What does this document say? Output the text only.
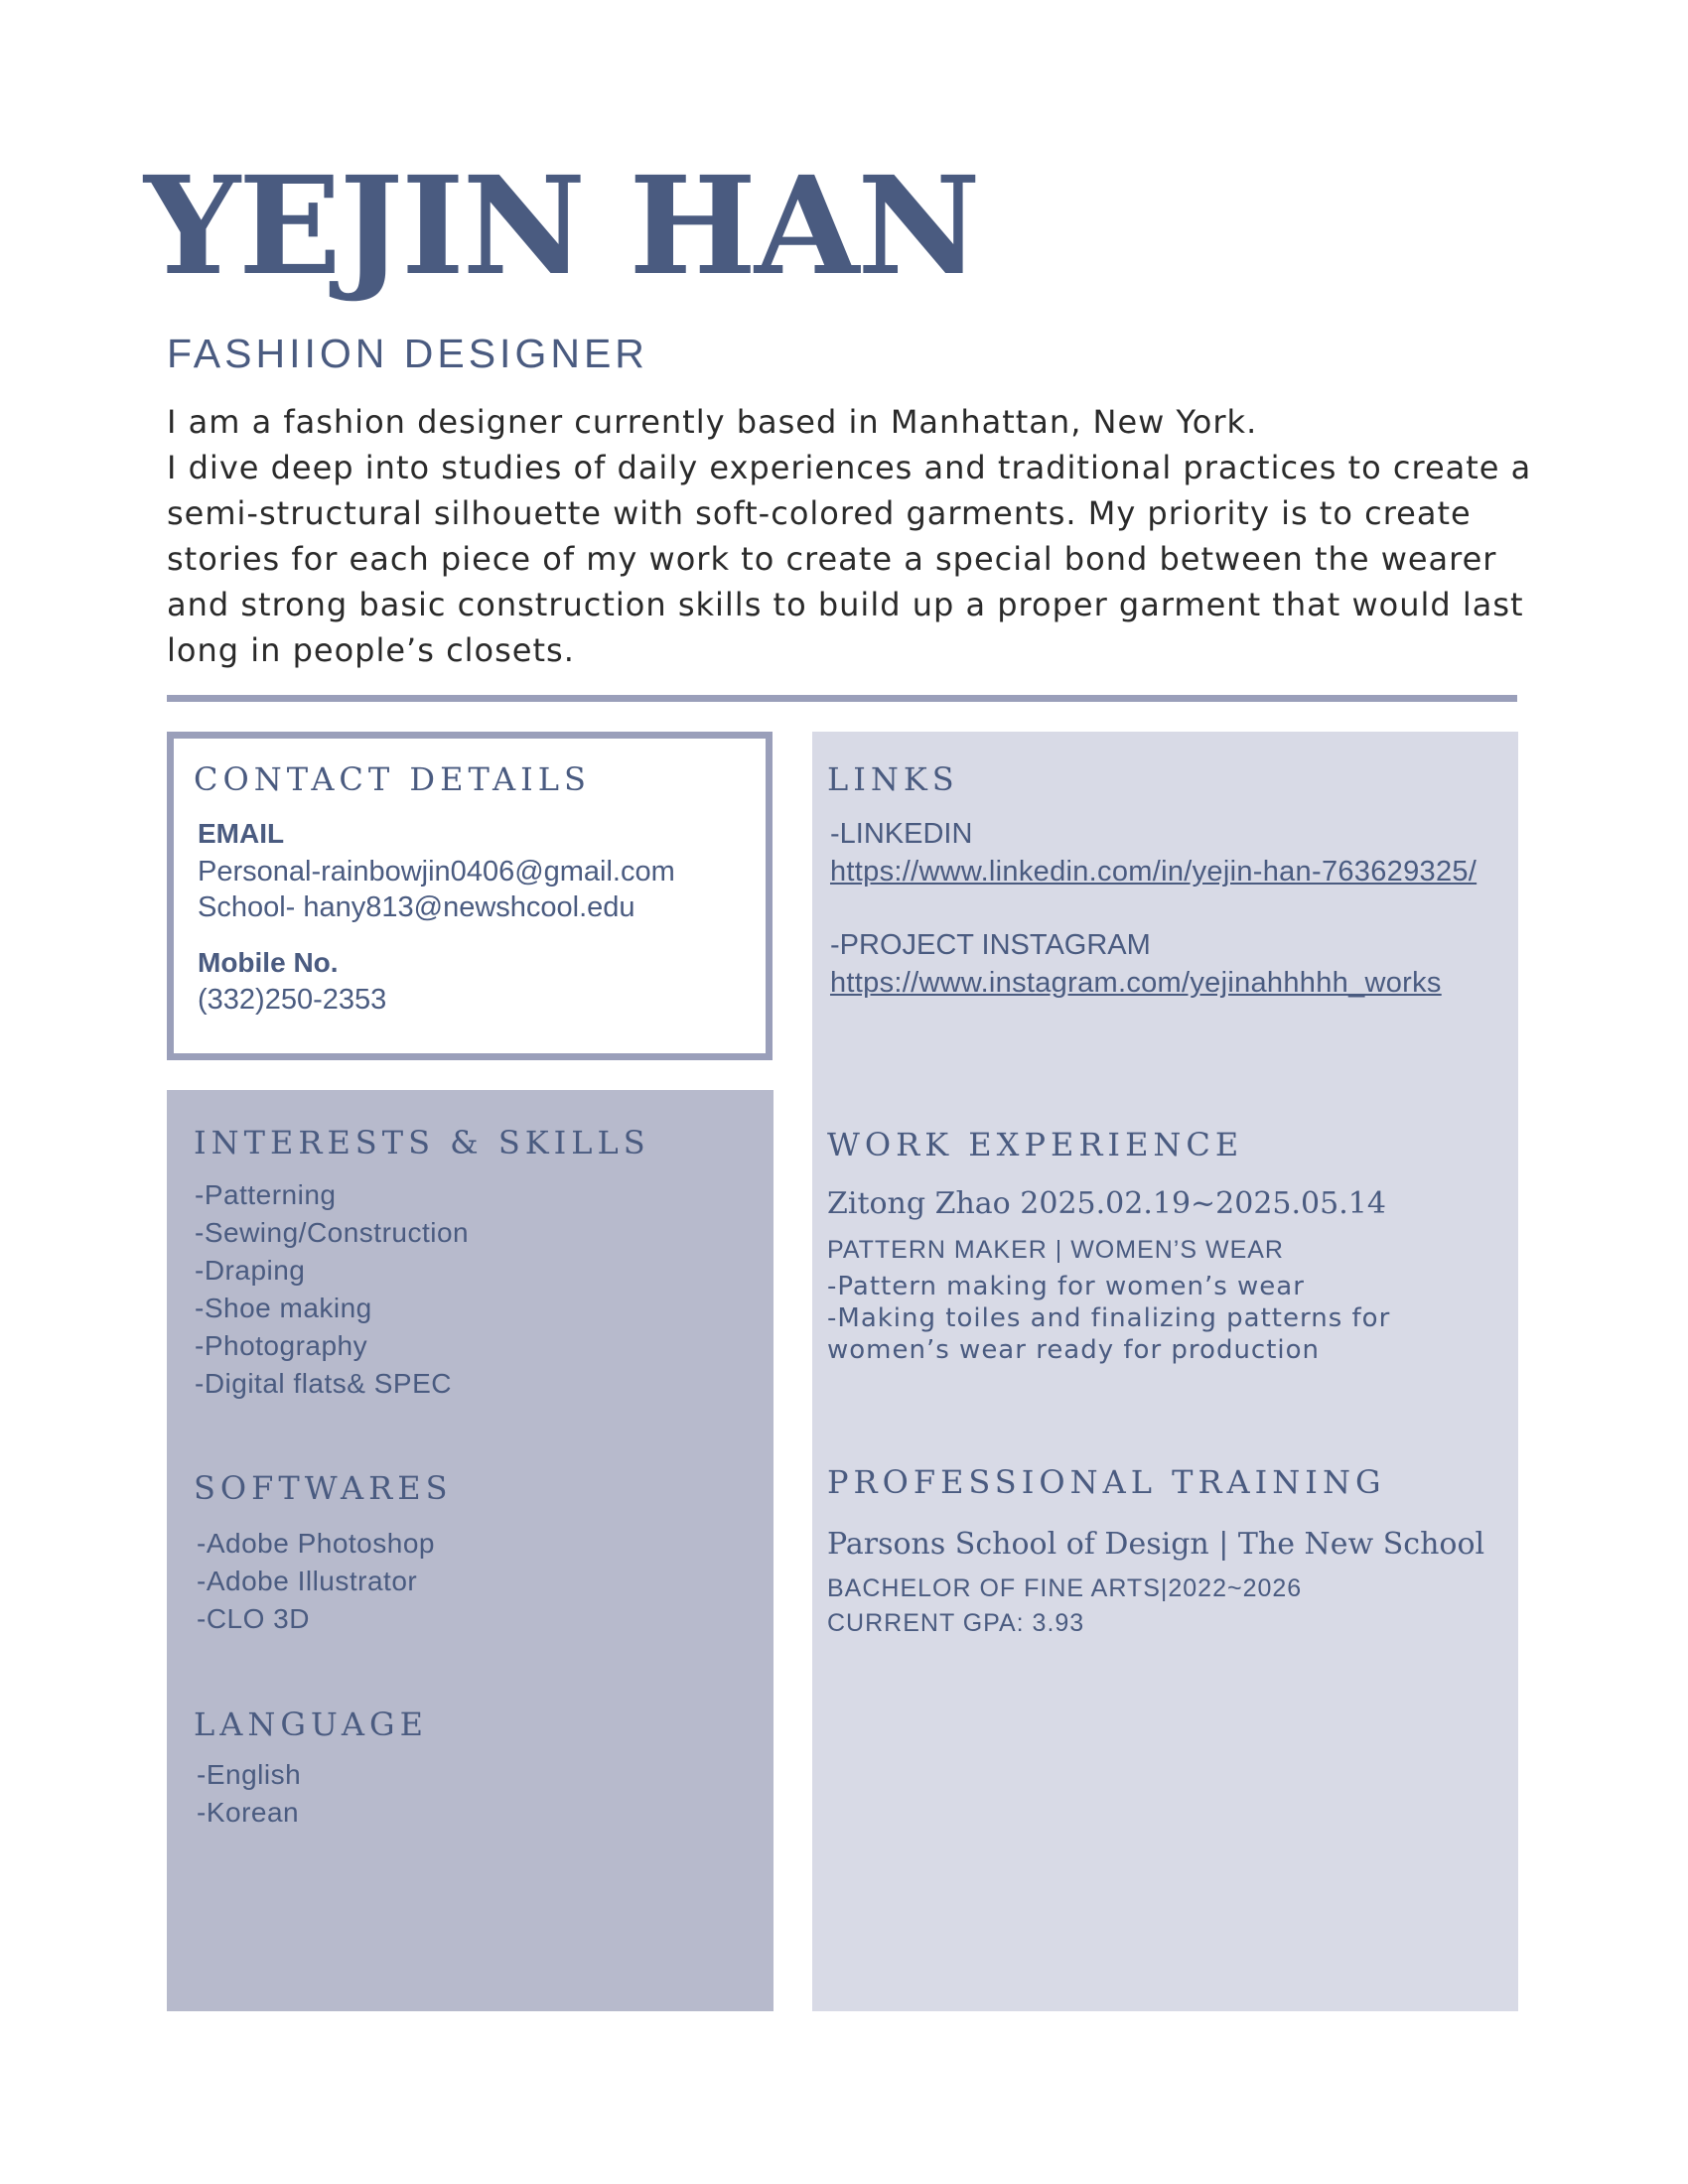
YEJIN HAN
FASHIION DESIGNER

I am a fashion designer currently based in Manhattan, New York.

I dive deep into studies of daily experiences and traditional practices to create a semi-structural silhouette with soft-colored garments. My priority is to create stories for each piece of my work to create a special bond between the wearer and strong basic construction skills to build up a proper garment that would last long in people’s closets.

CONTACT DETAILS
EMAIL
Personal-rainbowjin0406@gmail.com
School- hany813@newshcool.edu
Mobile No.
(332)250-2353
INTERESTS & SKILLS
-Patterning
-Sewing/Construction
-Draping
-Shoe making
-Photography
-Digital flats& SPEC
SOFTWARES
-Adobe Photoshop
-Adobe Illustrator
-CLO 3D
LANGUAGE
-English
-Korean
LINKS
-LINKEDIN
https://www.linkedin.com/in/yejin-han-763629325/
-PROJECT INSTAGRAM
https://www.instagram.com/yejinahhhhh_works
WORK EXPERIENCE
Zitong Zhao 2025.02.19~2025.05.14
PATTERN MAKER | WOMEN’S WEAR
-Pattern making for women’s wear
-Making toiles and finalizing patterns for women’s wear ready for production
PROFESSIONAL TRAINING
Parsons School of Design | The New School
BACHELOR OF FINE ARTS|2022~2026
CURRENT GPA: 3.93
